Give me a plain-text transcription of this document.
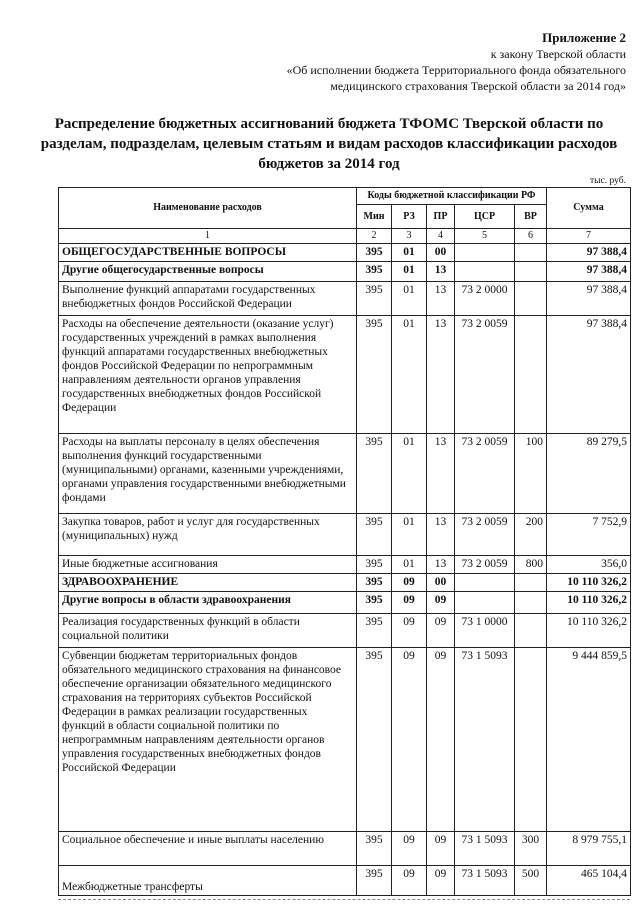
Приложение 2
к закону Тверской области
«Об исполнении бюджета Территориального фонда обязательного
медицинского страхования Тверской области за 2014 год»
Распределение бюджетных ассигнований бюджета ТФОМС Тверской области по разделам, подразделам, целевым статьям и видам расходов классификации расходов бюджетов за 2014 год
тыс. руб.
Наименование расходов	Коды бюджетной классификации РФ					Сумма
	Мин	РЗ	ПР	ЦСР	ВР	
1	2	3	4	5	6	7
ОБЩЕГОСУДАРСТВЕННЫЕ ВОПРОСЫ	395	01	00			97 388,4
Другие общегосударственные вопросы	395	01	13			97 388,4
Выполнение функций аппаратами государственных внебюджетных фондов Российской Федерации	395	01	13	73 2 0000		97 388,4
Расходы на обеспечение деятельности (оказание услуг) государственных учреждений в рамках выполнения функций аппаратами государственных внебюджетных фондов Российской Федерации по непрограммным направлениям деятельности органов управления государственных внебюджетных фондов Российской Федерации	395	01	13	73 2 0059		97 388,4
Расходы на выплаты персоналу в целях обеспечения выполнения функций государственными (муниципальными) органами, казенными учреждениями, органами управления государственными внебюджетными фондами	395	01	13	73 2 0059	100	89 279,5
Закупка товаров, работ и услуг для государственных (муниципальных) нужд	395	01	13	73 2 0059	200	7 752,9
Иные бюджетные ассигнования	395	01	13	73 2 0059	800	356,0
ЗДРАВООХРАНЕНИЕ	395	09	00			10 110 326,2
Другие вопросы в области здравоохранения	395	09	09			10 110 326,2
Реализация государственных функций в области социальной политики	395	09	09	73 1 0000		10 110 326,2
Субвенции бюджетам территориальных фондов обязательного медицинского страхования на финансовое обеспечение организации обязательного медицинского страхования на территориях субъектов Российской Федерации в рамках реализации государственных функций в области социальной политики по непрограммным направлениям деятельности органов управления государственных внебюджетных фондов Российской Федерации	395	09	09	73 1 5093		9 444 859,5
Социальное обеспечение и иные выплаты населению	395	09	09	73 1 5093	300	8 979 755,1
Межбюджетные трансферты	395	09	09	73 1 5093	500	465 104,4
